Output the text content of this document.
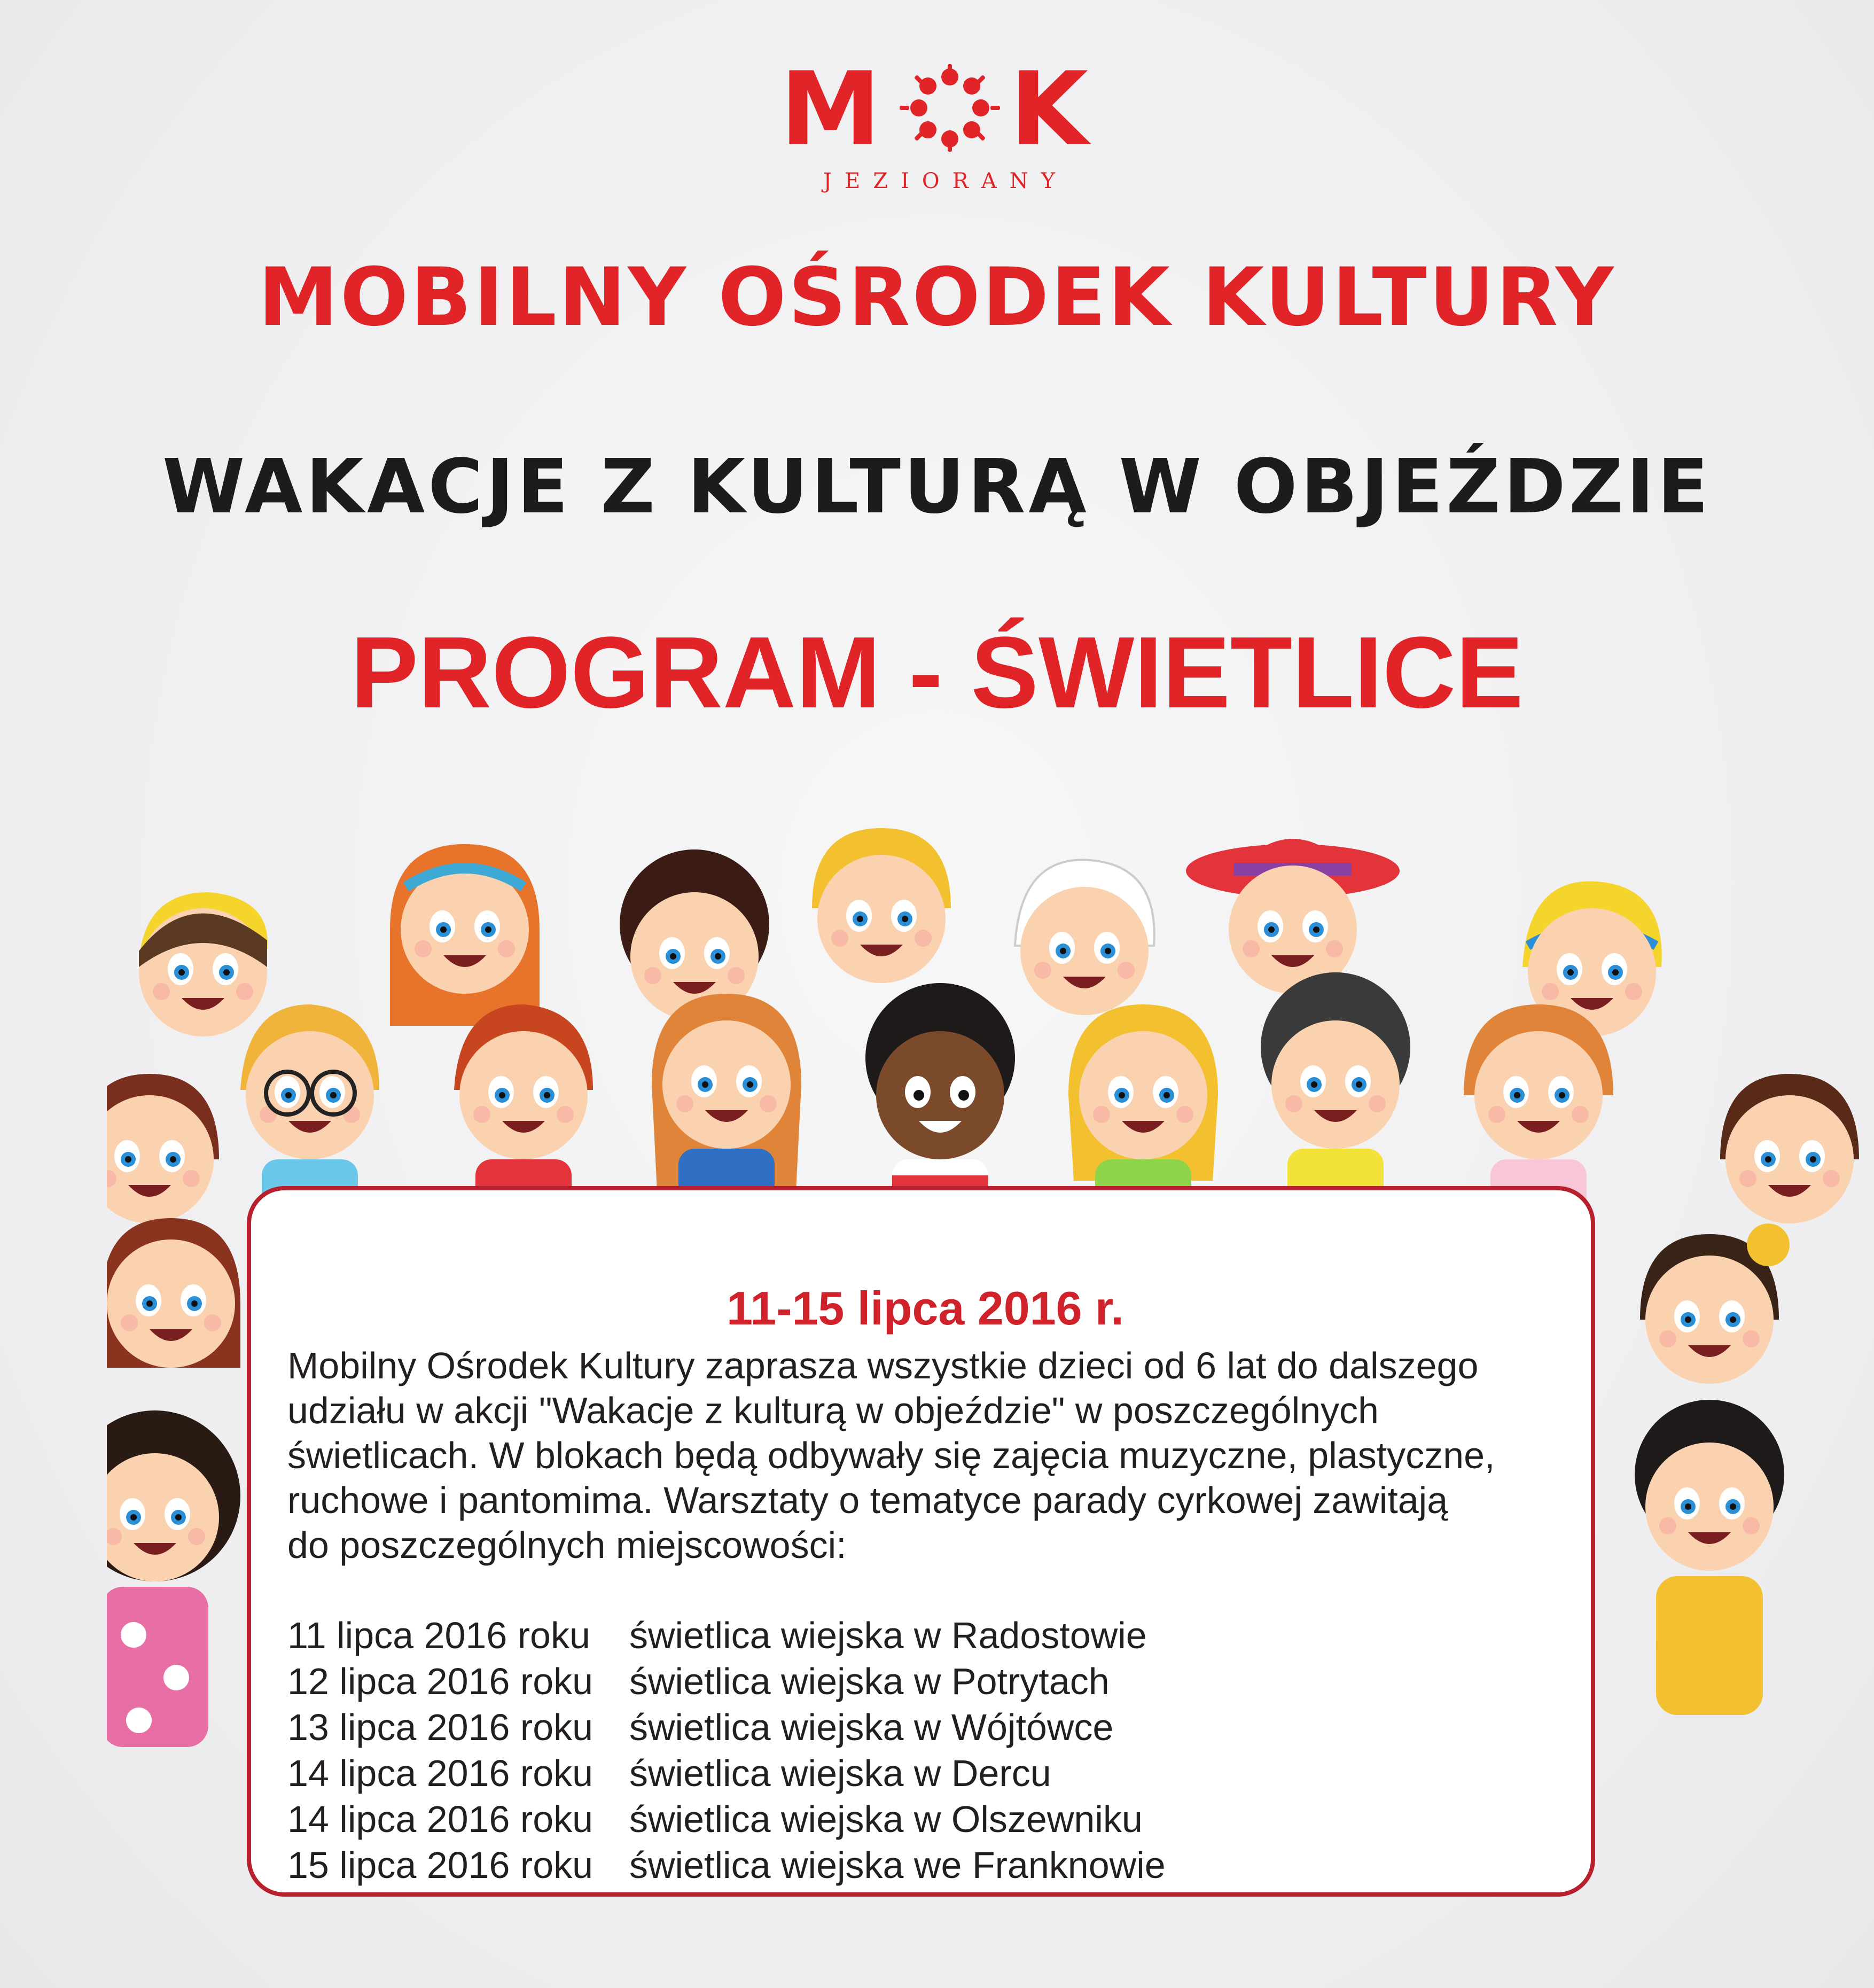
M K
JEZIORANY
MOBILNY OŚRODEK KULTURY
WAKACJE Z KULTURĄ W OBJEŹDZIE
PROGRAM - ŚWIETLICE

11-15 lipca 2016 r.

Mobilny Ośrodek Kultury zaprasza wszystkie dzieci od 6 lat do dalszego
udziału w akcji "Wakacje z kulturą w objeździe" w poszczególnych
świetlicach. W blokach będą odbywały się zajęcia muzyczne, plastyczne,
ruchowe i pantomima. Warsztaty o tematyce parady cyrkowej zawitają
do poszczególnych miejscowości:

11 lipca 2016 roku świetlica wiejska w Radostowie
12 lipca 2016 roku świetlica wiejska w Potrytach
13 lipca 2016 roku świetlica wiejska w Wójtówce
14 lipca 2016 roku świetlica wiejska w Dercu
14 lipca 2016 roku świetlica wiejska w Olszewniku
15 lipca 2016 roku świetlica wiejska we Franknowie
